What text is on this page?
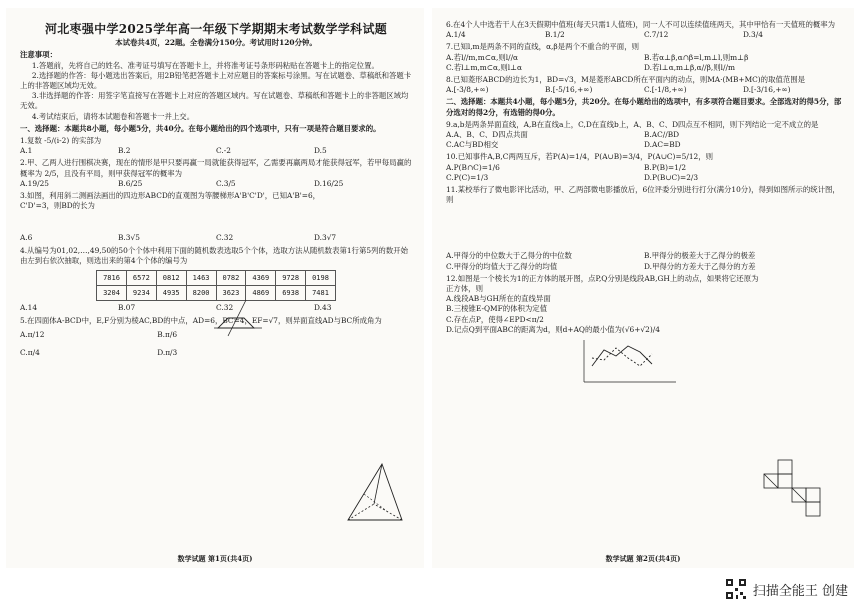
河北枣强中学2025学年高一年级下学期期末考试数学学科试题
本试卷共4页，22题。全卷满分150分。考试用时120分钟。
注意事项：
1.答题前，先将自己的姓名、准考证号填写在答题卡上，并将准考证号条形码粘贴在答题卡上的指定位置。
2.选择题的作答：每小题选出答案后，用2B铅笔把答题卡上对应题目的答案标号涂黑。写在试题卷、草稿纸和答题卡上的非答题区域均无效。
3.非选择题的作答：用签字笔直接写在答题卡上对应的答题区域内。写在试题卷、草稿纸和答题卡上的非答题区域均无效。
4.考试结束后，请将本试题卷和答题卡一并上交。
一、选择题：本题共8小题，每小题5分，共40分。在每小题给出的四个选项中，只有一项是符合题目要求的。
1.复数 -5/(i-2) 的实部为
A.1	B.2	C.-2	D.5
2.甲、乙两人进行围棋决赛，现在的情形是甲只要再赢一局就能获得冠军，乙需要再赢两局才能获得冠军，若甲每局赢的概率为 2/5，且没有平局，则甲获得冠军的概率为
A.19/25	B.6/25	C.3/5	D.16/25
3.如图，利用斜二测画法画出的四边形ABCD的直观图为等腰梯形A'B'C'D'，已知A'B'=6，C'D'=3，则BD的长为
A.6	B.3√5	C.32	D.3√7
4.从编号为01,02,…,49,50的50个个体中利用下面的随机数表选取5个个体，选取方法从随机数表第1行第5列的数开始由左到右依次抽取，则选出来的第4个个体的编号为
7816	6572	0812	1463	0782	4369	9728	0198
3204	9234	4935	8200	3623	4869	6938	7481
A.14	B.07	C.32	D.43
5.在四面体A-BCD中，E,F分别为棱AC,BD的中点，AD=6，BC=4，EF=√7，则异面直线AD与BC所成角为
A.π/12	B.π/6
C.π/4	D.π/3
数学试题 第1页(共4页)
6.在4个人中选若干人在3天假期中值班(每天只需1人值班)，同一人不可以连续值班两天，其中甲恰有一天值班的概率为
A.1/4	B.1/2	C.7/12	D.3/4
7.已知l,m是两条不同的直线，α,β是两个不重合的平面，则
A.若l//m,m⊂α,则l//α	B.若α⊥β,α∩β=l,m⊥l,则m⊥β
C.若l⊥m,m⊂α,则l⊥α	D.若l⊥α,m⊥β,α//β,则l//m
8.已知菱形ABCD的边长为1，BD=√3，M是菱形ABCD所在平面内的动点，则MA·(MB+MC)的取值范围是
A.[-3/8,+∞)	B.[-5/16,+∞)	C.[-1/8,+∞)	D.[-3/16,+∞)
二、选择题：本题共4小题，每小题5分，共20分。在每小题给出的选项中，有多项符合题目要求。全部选对的得5分，部分选对的得2分，有选错的得0分。
9.a,b是两条异面直线，A,B在直线a上，C,D在直线b上，A、B、C、D四点互不相同，则下列结论一定不成立的是
A.A、B、C、D四点共面	B.AC//BD
C.AC与BD相交	D.AC=BD
10.已知事件A,B,C两两互斥，若P(A)=1/4，P(A∪B)=3/4，P(A∪C)=5/12，则
A.P(B∩C)=1/6	B.P(B)=1/2
C.P(C)=1/3	D.P(B∪C)=2/3
11.某校举行了微电影评比活动，甲、乙两部微电影播放后，6位评委分别进行打分(满分10分)，得到如图所示的统计图，则
A.甲得分的中位数大于乙得分的中位数	B.甲得分的极差大于乙得分的极差
C.甲得分的均值大于乙得分的均值	D.甲得分的方差大于乙得分的方差
12.如图是一个棱长为1的正方体的展开图，点P,Q分别是线段AB,GH上的动点，如果将它还原为正方体，则
A.线段AB与GH所在的直线异面
B.三棱锥E-QMF的体积为定值
C.存在点P，使得∠EPD<π/2
D.记点Q到平面ABC的距离为d，则d+AQ的最小值为(√6+√2)/4
数学试题 第2页(共4页)
扫描全能王 创建
